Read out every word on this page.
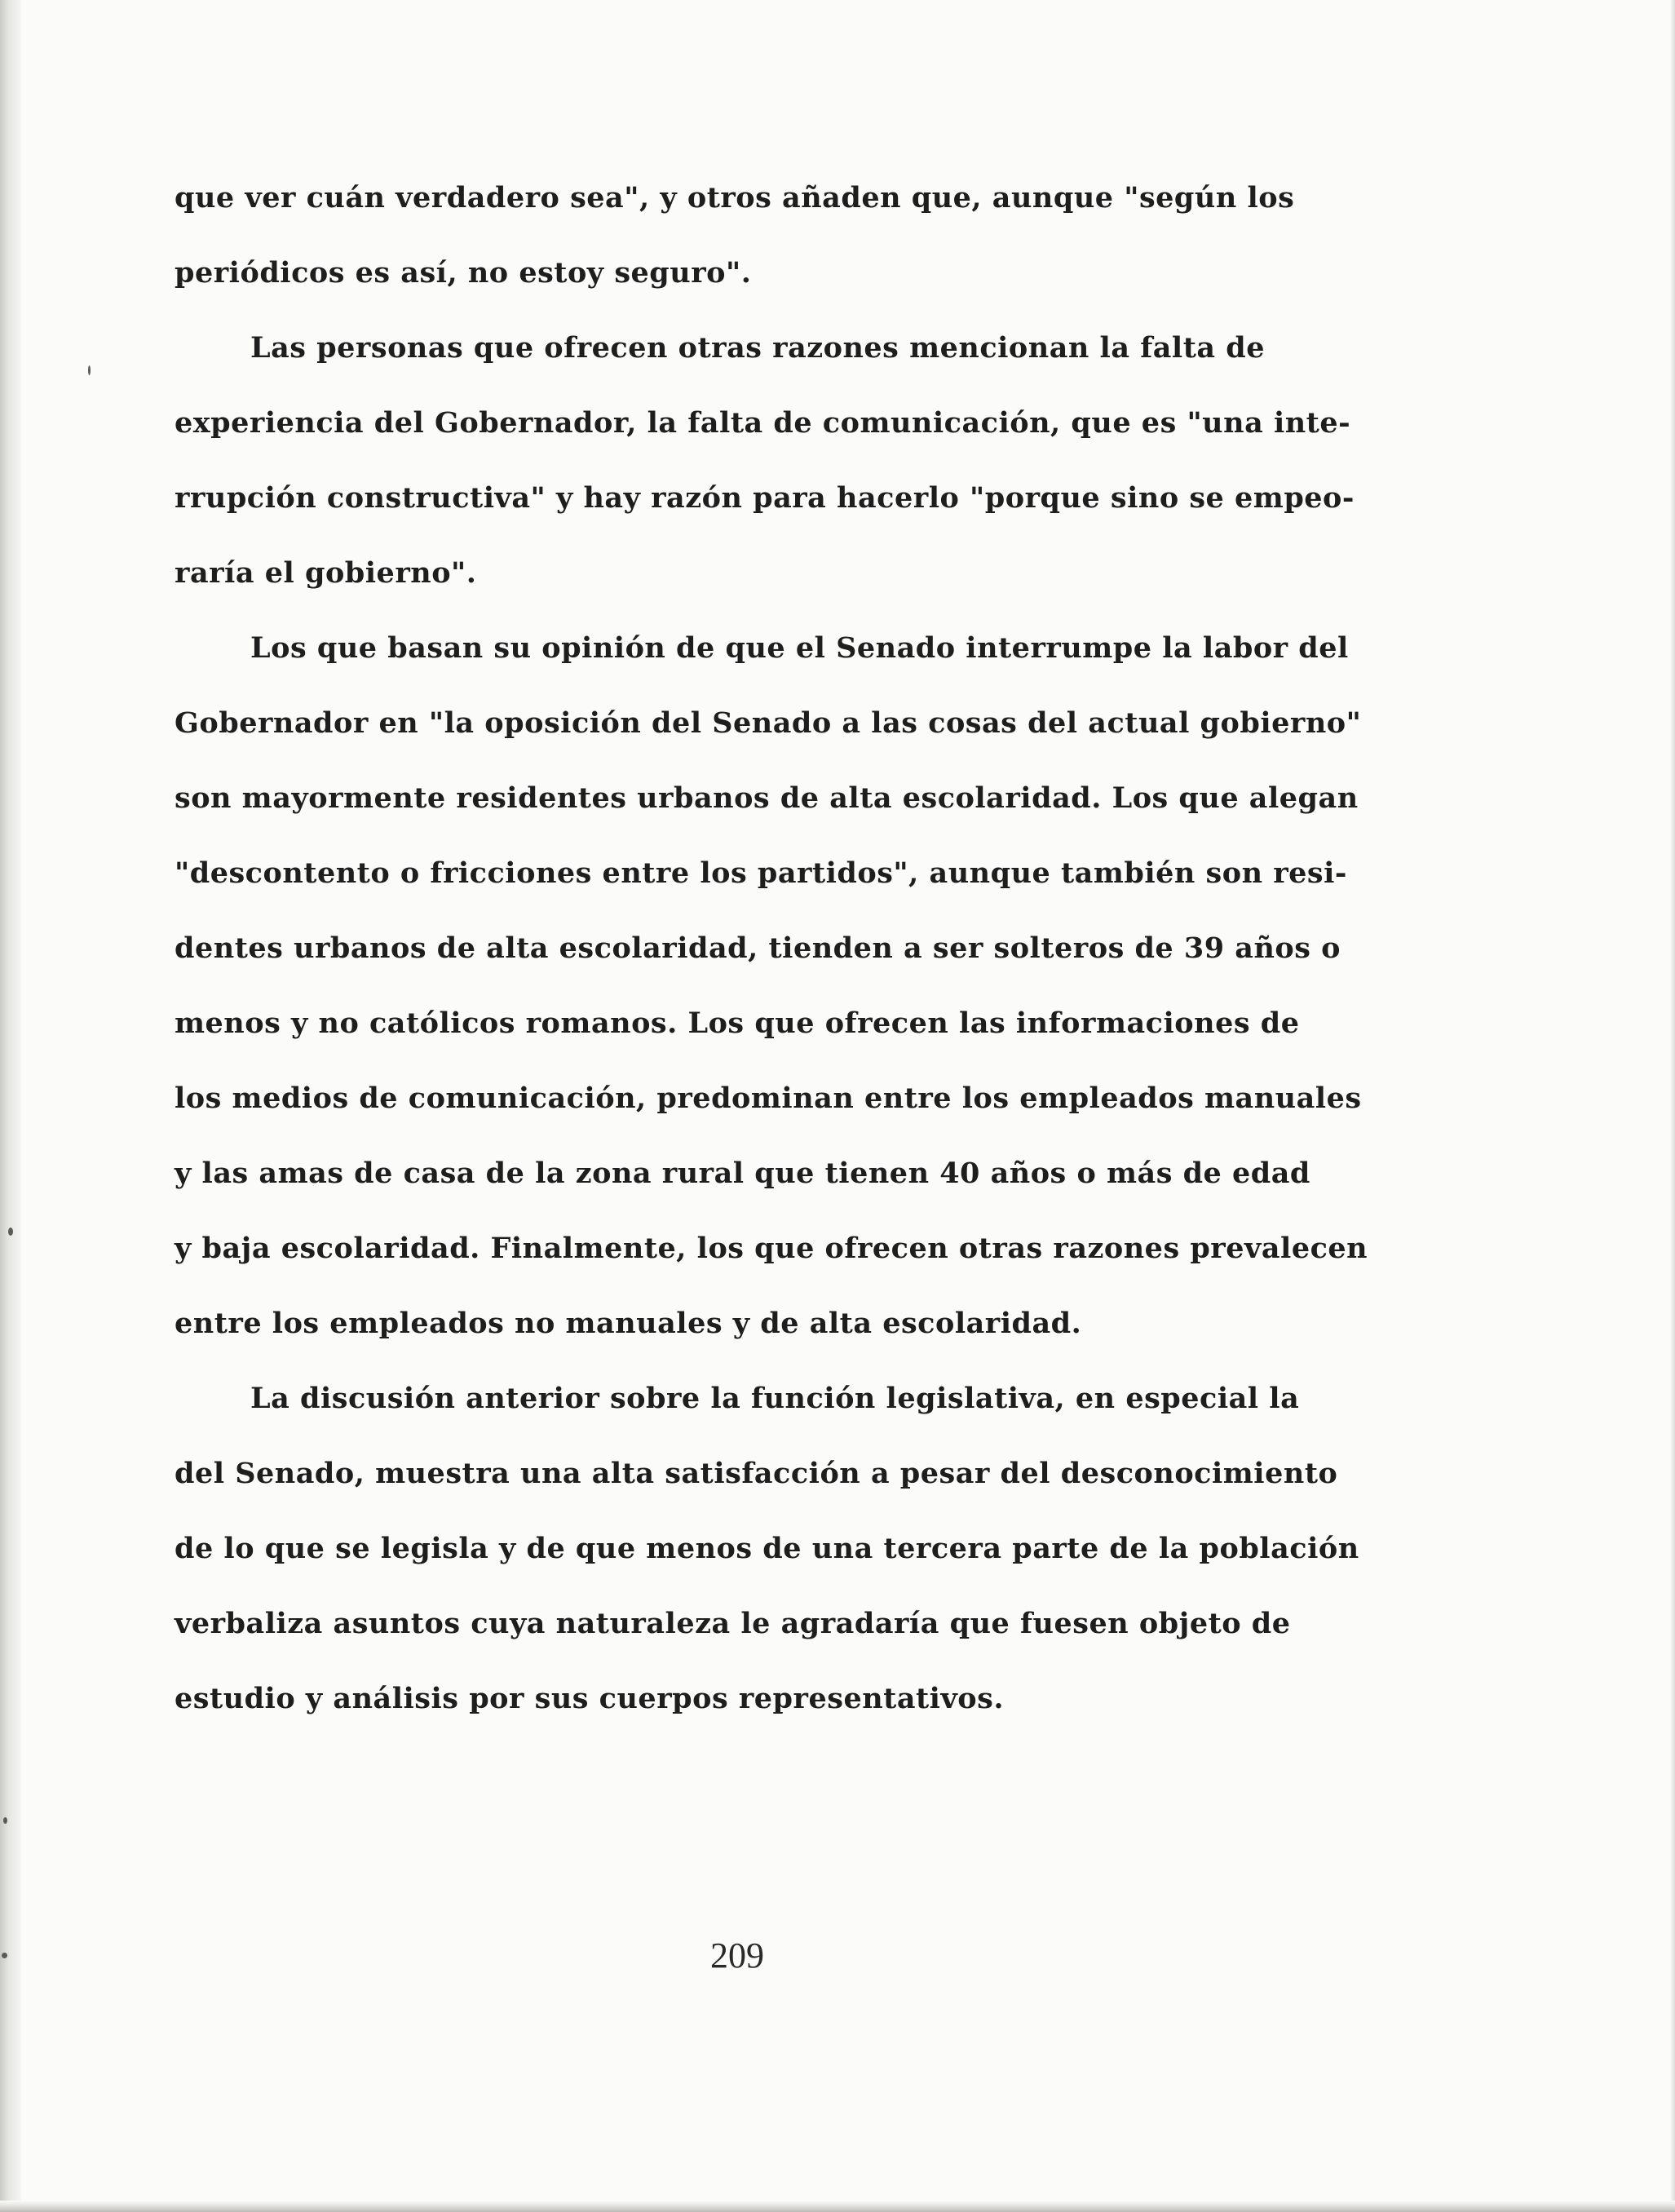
que ver cuán verdadero sea", y otros añaden que, aunque "según los
periódicos es así, no estoy seguro".
Las personas que ofrecen otras razones mencionan la falta de
experiencia del Gobernador, la falta de comunicación, que es "una inte-
rrupción constructiva" y hay razón para hacerlo "porque sino se empeo-
raría el gobierno".
Los que basan su opinión de que el Senado interrumpe la labor del
Gobernador en "la oposición del Senado a las cosas del actual gobierno"
son mayormente residentes urbanos de alta escolaridad. Los que alegan
"descontento o fricciones entre los partidos", aunque también son resi-
dentes urbanos de alta escolaridad, tienden a ser solteros de 39 años o
menos y no católicos romanos. Los que ofrecen las informaciones de
los medios de comunicación, predominan entre los empleados manuales
y las amas de casa de la zona rural que tienen 40 años o más de edad
y baja escolaridad. Finalmente, los que ofrecen otras razones prevalecen
entre los empleados no manuales y de alta escolaridad.
La discusión anterior sobre la función legislativa, en especial la
del Senado, muestra una alta satisfacción a pesar del desconocimiento
de lo que se legisla y de que menos de una tercera parte de la población
verbaliza asuntos cuya naturaleza le agradaría que fuesen objeto de
estudio y análisis por sus cuerpos representativos.
209
